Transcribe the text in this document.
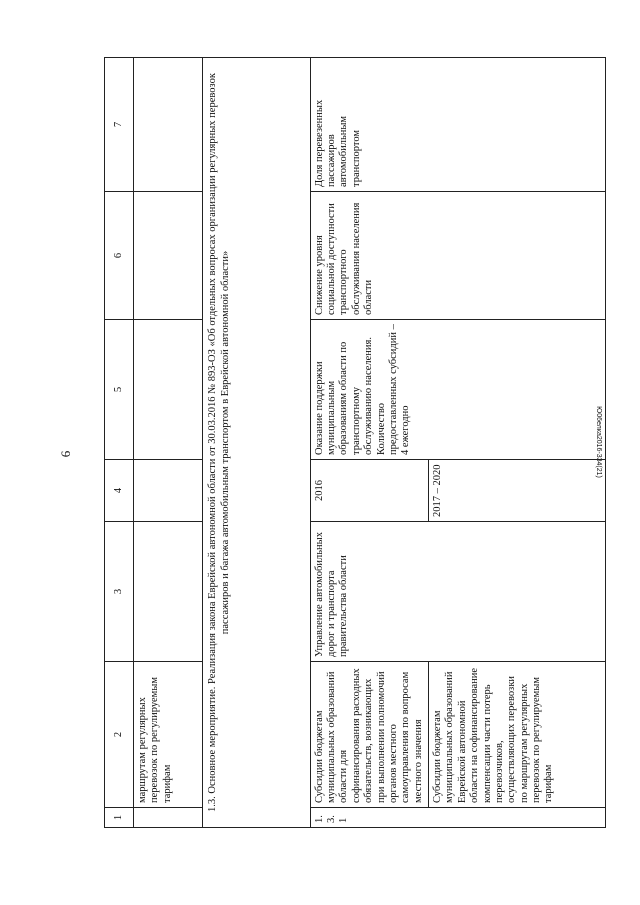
6	Ю06елка2016-334(21)
1	2	3	4	5	6	7
	маршрутам регулярных перевозок по регулируемым тарифам					
1.3. Основное мероприятие. Реализация закона Еврейской автономной области от 30.03.2016 № 893-ОЗ «Об отдельных вопросах организации регулярных перевозок пассажиров и багажа автомобильным транспортом в Еврейской автономной области»						
1.3.1	Субсидии бюджетам муниципальных образований области для софинансирования расходных обязательств, возникающих при выполнении полномочий органов местного самоуправления по вопросам местного значения	Управление автомобильных дорог и транспорта правительства области	2016	Оказание поддержки муниципальным образованиям области по транспортному обслуживанию населения. Количество предоставленных субсидий – 4 ежегодно	Снижение уровня социальной доступности транспортного обслуживания населения области	Доля перевезенных пассажиров автомобильным транспортом
	Субсидии бюджетам муниципальных образований Еврейской автономной области на софинансирование компенсации части потерь перевозчиков, осуществляющих перевозки по маршрутам регулярных перевозок по регулируемым тарифам		2017 – 2020			
